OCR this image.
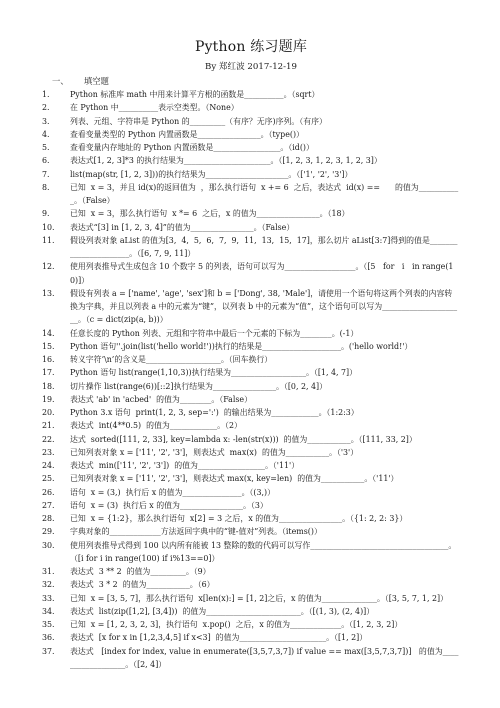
Python 练习题库
By 郑红波 2017-12-19
一、 填空题
1.	Python 标准库 math 中用来计算平方根的函数是__________。（sqrt）
2.	在 Python 中__________表示空类型。（None）
3.	列表、元组、字符串是 Python 的_________（有序？无序)序列。（有序）
4.	查看变量类型的 Python 内置函数是________________。（type()）
5.	查看变量内存地址的 Python 内置函数是_________________。（id()）
6.	表达式[1, 2, 3]*3 的执行结果为______________________。（[1, 2, 3, 1, 2, 3, 1, 2, 3]）
7.	list(map(str, [1, 2, 3]))的执行结果为_____________________。（['1', '2', '3']）
8.	已知  x = 3，并且 id(x)的返回值为  ，那么执行语句  x += 6  之后，表达式  id(x) ==      的值为___________。（False）
9.	已知  x = 3，那么执行语句  x *= 6  之后，x 的值为________________。（18）
10.	表达式“[3] in [1, 2, 3, 4]”的值为________________。（False）
11.	假设列表对象 aList 的值为[3,  4,  5,  6,  7,  9,  11,  13,  15,  17]，那么切片 aList[3:7]得到的值是______________________。（[6, 7, 9, 11]）
12.	使用列表推导式生成包含 10 个数字 5 的列表，语句可以写为__________________。（[5   for   i   in range(10)]）
13.	假设有列表 a = ['name', 'age', 'sex']和 b = ['Dong', 38, 'Male']，请使用一个语句将这两个列表的内容转换为字典，并且以列表 a 中的元素为“键”，以列表 b 中的元素为“值”，这个语句可以写为_____________________。（c = dict(zip(a, b))）
14.	任意长度的 Python 列表、元组和字符串中最后一个元素的下标为________。(-1）
15.	Python 语句''.join(list('hello world!'))执行的结果是____________________。('hello world!'）
16.	转义字符’\n’的含义是___________________。（回车换行）
17.	Python 语句 list(range(1,10,3))执行结果为___________________。（[1, 4, 7]）
18.	切片操作 list(range(6))[::2]执行结果为________________。（[0, 2, 4]）
19.	表达式 'ab' in 'acbed'  的值为________。（False）
20.	Python 3.x 语句  print(1, 2, 3, sep=':')  的输出结果为____________。（1:2:3）
21.	表达式  int(4**0.5)  的值为____________。（2）
22.	达式  sorted([111, 2, 33], key=lambda x: -len(str(x)))  的值为___________。（[111, 33, 2]）
23.	已知列表对象 x = ['11', '2', '3']，则表达式  max(x)  的值为___________。（'3'）
24.	表达式  min(['11', '2', '3'])  的值为_________________。（'11'）
25.	已知列表对象 x = ['11', '2', '3']，则表达式 max(x, key=len)  的值为___________。（'11'）
26.	语句  x = (3,)  执行后 x 的值为_______________。（(3,)）
27.	语句  x = (3)  执行后 x 的值为________________。（3）
28.	已知  x = {1:2}，那么执行语句  x[2] = 3 之后，x 的值为________________。（{1: 2, 2: 3}）
29.	字典对象的_____________方法返回字典中的“键-值对”列表。（items()）
30.	使用列表推导式得到 100 以内所有能被 13 整除的数的代码可以写作___________________________________。（[i for i in range(100) if i%13==0]）
31.	表达式  3 ** 2  的值为_________。（9）
32.	表达式  3 * 2  的值为___________。（6）
33.	已知  x = [3, 5, 7]，那么执行语句  x[len(x):] = [1, 2]之后，x 的值为______________。（[3, 5, 7, 1, 2]）
34.	表达式  list(zip([1,2], [3,4]))  的值为________________________。（[(1, 3), (2, 4)]）
35.	已知  x = [1, 2, 3, 2, 3]，执行语句  x.pop()  之后，x 的值为_____________。（[1, 2, 3, 2]）
36.	表达式  [x for x in [1,2,3,4,5] if x<3]  的值为______________________。（[1, 2]）
37.	表达式   [index for index, value in enumerate([3,5,7,3,7]) if value == max([3,5,7,3,7])]   的值为__________________。（[2, 4]）
